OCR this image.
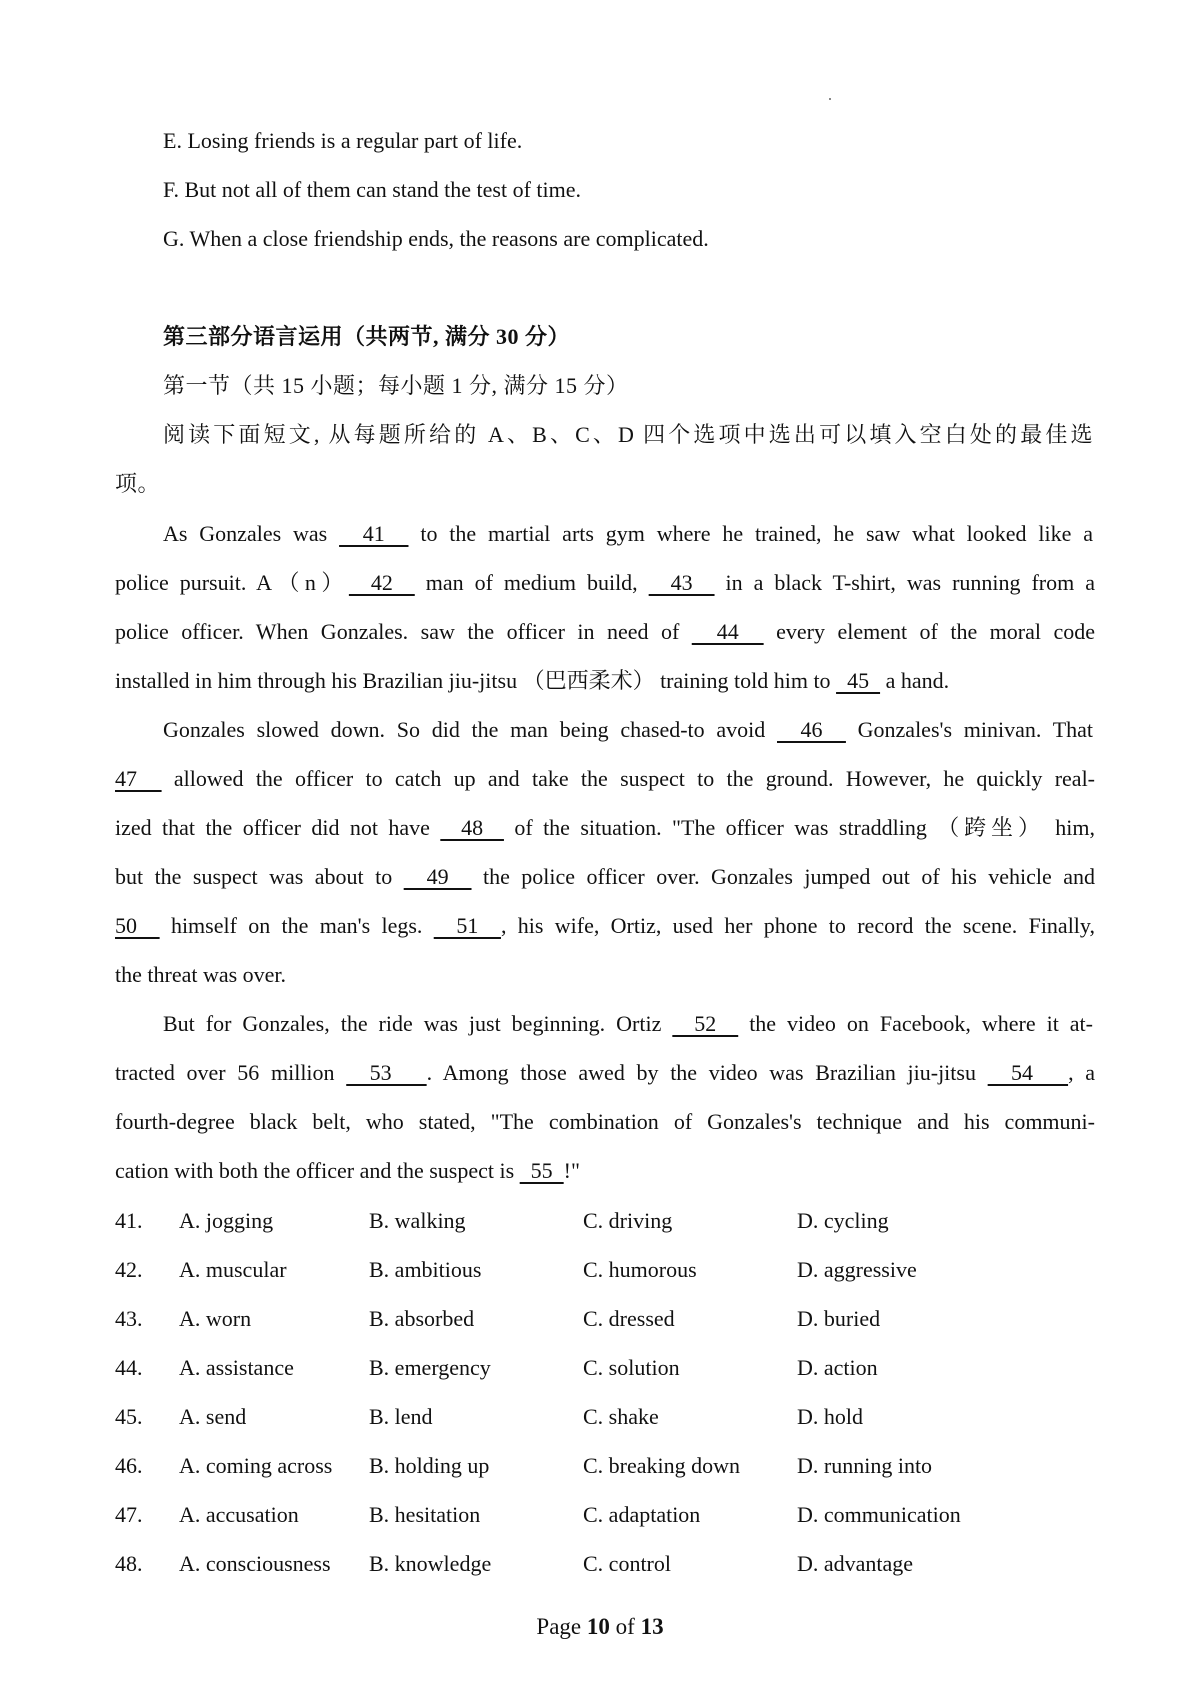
E. Losing friends is a regular part of life.
F. But not all of them can stand the test of time.
G. When a close friendship ends, the reasons are complicated.
第三部分语言运用（共两节, 满分 30 分）
第一节（共 15 小题；每小题 1 分, 满分 15 分）
阅读下面短文, 从每题所给的 A、B、C、D 四个选项中选出可以填入空白处的最佳选
项。
As Gonzales was   41   to the martial arts gym where he trained, he saw what looked like a
police pursuit. A（n）  42   man of medium build,   43   in a black T-shirt, was running from a
police officer. When Gonzales. saw the officer in need of   44   every element of the moral code
installed in him through his Brazilian jiu-jitsu （巴西柔术） training told him to   45   a hand.
Gonzales slowed down. So did the man being chased-to avoid   46   Gonzales's minivan. That
47   allowed the officer to catch up and take the suspect to the ground. However, he quickly real-
ized that the officer did not have   48   of the situation. "The officer was straddling （跨坐） him,
but the suspect was about to   49   the police officer over. Gonzales jumped out of his vehicle and
50   himself on the man's legs.   51  , his wife, Ortiz, used her phone to record the scene. Finally,
the threat was over.
But for Gonzales, the ride was just beginning. Ortiz   52   the video on Facebook, where it at-
tracted over 56 million   53   . Among those awed by the video was Brazilian jiu-jitsu   54   , a
fourth-degree black belt, who stated, "The combination of Gonzales's technique and his communi-
cation with both the officer and the suspect is   55  !"
41. A. jogging	B. walking	C. driving	D. cycling
42. A. muscular	B. ambitious	C. humorous	D. aggressive
43. A. worn	B. absorbed	C. dressed	D. buried
44. A. assistance	B. emergency	C. solution	D. action
45. A. send	B. lend	C. shake	D. hold
46. A. coming across B. holding up	C. breaking down	D. running into
47. A. accusation	B. hesitation	C. adaptation	D. communication
48. A. consciousness B. knowledge	C. control	D. advantage
Page 10 of 13
